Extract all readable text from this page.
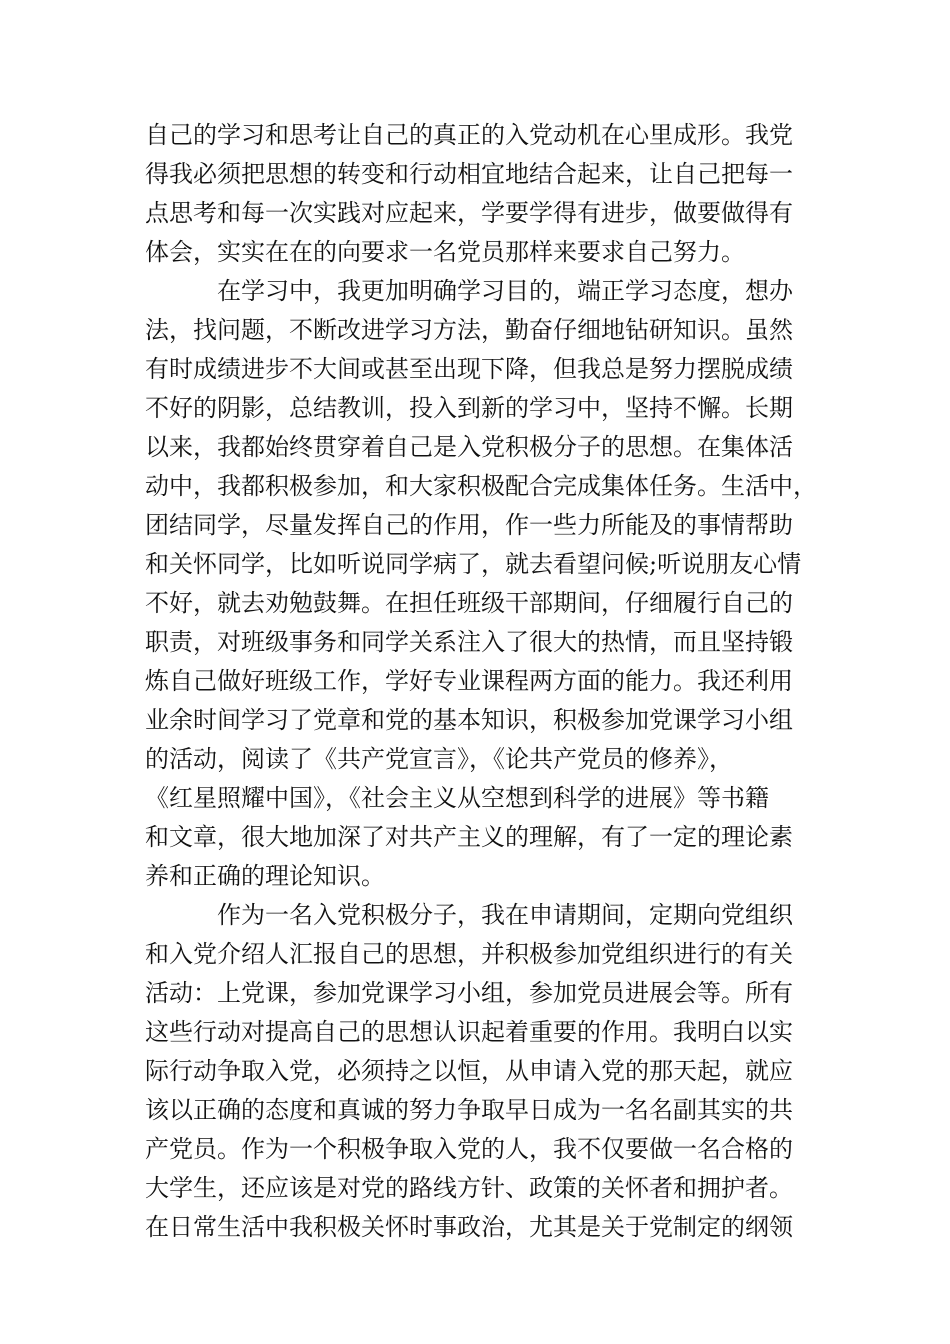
自己的学习和思考让自己的真正的入党动机在心里成形。我党
得我必须把思想的转变和行动相宜地结合起来，让自己把每一
点思考和每一次实践对应起来，学要学得有进步，做要做得有
体会，实实在在的向要求一名党员那样来要求自己努力。
在学习中，我更加明确学习目的，端正学习态度，想办
法，找问题，不断改进学习方法，勤奋仔细地钻研知识。虽然
有时成绩进步不大间或甚至出现下降，但我总是努力摆脱成绩
不好的阴影，总结教训，投入到新的学习中，坚持不懈。长期
以来，我都始终贯穿着自己是入党积极分子的思想。在集体活
动中，我都积极参加，和大家积极配合完成集体任务。生活中，
团结同学，尽量发挥自己的作用，作一些力所能及的事情帮助
和关怀同学，比如听说同学病了，就去看望问候;听说朋友心情
不好，就去劝勉鼓舞。在担任班级干部期间，仔细履行自己的
职责，对班级事务和同学关系注入了很大的热情，而且坚持锻
炼自己做好班级工作，学好专业课程两方面的能力。我还利用
业余时间学习了党章和党的基本知识，积极参加党课学习小组
的活动，阅读了《共产党宣言》，《论共产党员的修养》，
《红星照耀中国》，《社会主义从空想到科学的进展》等书籍
和文章，很大地加深了对共产主义的理解，有了一定的理论素
养和正确的理论知识。
作为一名入党积极分子，我在申请期间，定期向党组织
和入党介绍人汇报自己的思想，并积极参加党组织进行的有关
活动：上党课，参加党课学习小组，参加党员进展会等。所有
这些行动对提高自己的思想认识起着重要的作用。我明白以实
际行动争取入党，必须持之以恒，从申请入党的那天起，就应
该以正确的态度和真诚的努力争取早日成为一名名副其实的共
产党员。作为一个积极争取入党的人，我不仅要做一名合格的
大学生，还应该是对党的路线方针、政策的关怀者和拥护者。
在日常生活中我积极关怀时事政治，尤其是关于党制定的纲领
